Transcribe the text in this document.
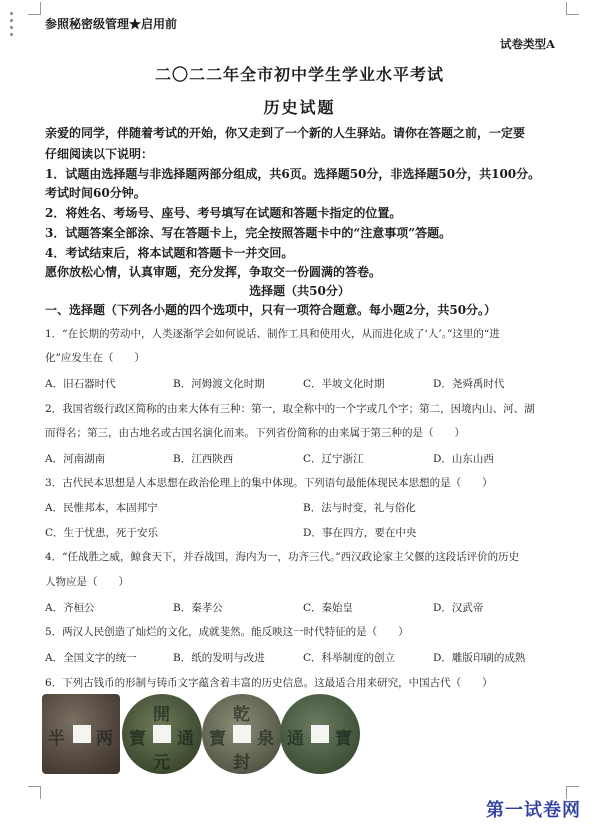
参照秘密级管理★启用前
试卷类型A
二〇二二年全市初中学生学业水平考试
历史试题
亲爱的同学，伴随着考试的开始，你又走到了一个新的人生驿站。请你在答题之前，一定要
仔细阅读以下说明：
1．试题由选择题与非选择题两部分组成，共6页。选择题50分，非选择题50分，共100分。
考试时间60分钟。
2．将姓名、考场号、座号、考号填写在试题和答题卡指定的位置。
3．试题答案全部涂、写在答题卡上，完全按照答题卡中的“注意事项”答题。
4．考试结束后，将本试题和答题卡一并交回。
愿你放松心情，认真审题，充分发挥，争取交一份圆满的答卷。
选择题（共50分）
一、选择题（下列各小题的四个选项中，只有一项符合题意。每小题2分，共50分。）
1．“在长期的劳动中，人类逐渐学会如何说话、制作工具和使用火，从而进化成了‘人’。”这里的“进
化”应发生在（　　）
A．旧石器时代	B．河姆渡文化时期	C．半坡文化时期	D．尧舜禹时代
2．我国省级行政区简称的由来大体有三种：第一，取全称中的一个字或几个字；第二，因境内山、河、湖
而得名；第三，由古地名或古国名演化而来。下列省份简称的由来属于第三种的是（　　）
A．河南湖南	B．江西陕西	C．辽宁浙江	D．山东山西
3．古代民本思想是人本思想在政治伦理上的集中体现。下列语句最能体现民本思想的是（　　）
A．民惟邦本，本固邦宁	B．法与时变，礼与俗化
C．生于忧患，死于安乐	D．事在四方，要在中央
4．“任战胜之威，鲸食天下，并吞战国，海内为一，功齐三代。”西汉政论家主父偃的这段话评价的历史
人物应是（　　）
A．齐桓公	B．秦孝公	C．秦始皇	D．汉武帝
5．两汉人民创造了灿烂的文化，成就斐然。能反映这一时代特征的是（　　）
A．全国文字的统一	B．纸的发明与改进	C．科举制度的创立	D．雕版印刷的成熟
6．下列古钱币的形制与铸币文字蕴含着丰富的历史信息。这最适合用来研究，中国古代（　　）
半 两
開
元
通
寶
乾
封
泉
寶	通 寶
第一试卷网
